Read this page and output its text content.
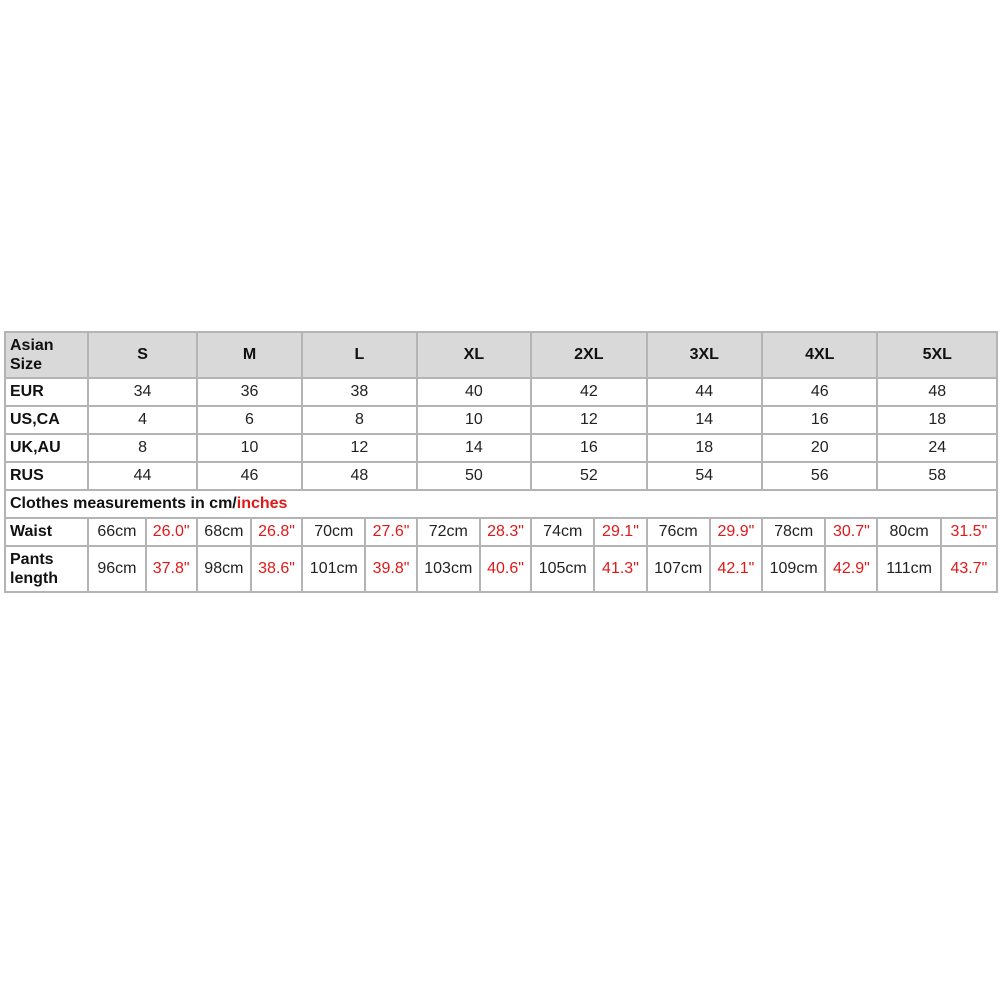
Asian
Size	S		M		L		XL		2XL		3XL		4XL		5XL	
EUR	34		36		38		40		42		44		46		48	
US,CA	4		6		8		10		12		14		16		18	
UK,AU	8		10		12		14		16		18		20		24	
RUS	44		46		48		50		52		54		56		58	
Clothes measurements in cm/inches																
Waist	66cm	26.0"	68cm	26.8"	70cm	27.6"	72cm	28.3"	74cm	29.1"	76cm	29.9"	78cm	30.7"	80cm	31.5"
Pants
length	96cm	37.8"	98cm	38.6"	101cm	39.8"	103cm	40.6"	105cm	41.3"	107cm	42.1"	109cm	42.9"	111cm	43.7"
